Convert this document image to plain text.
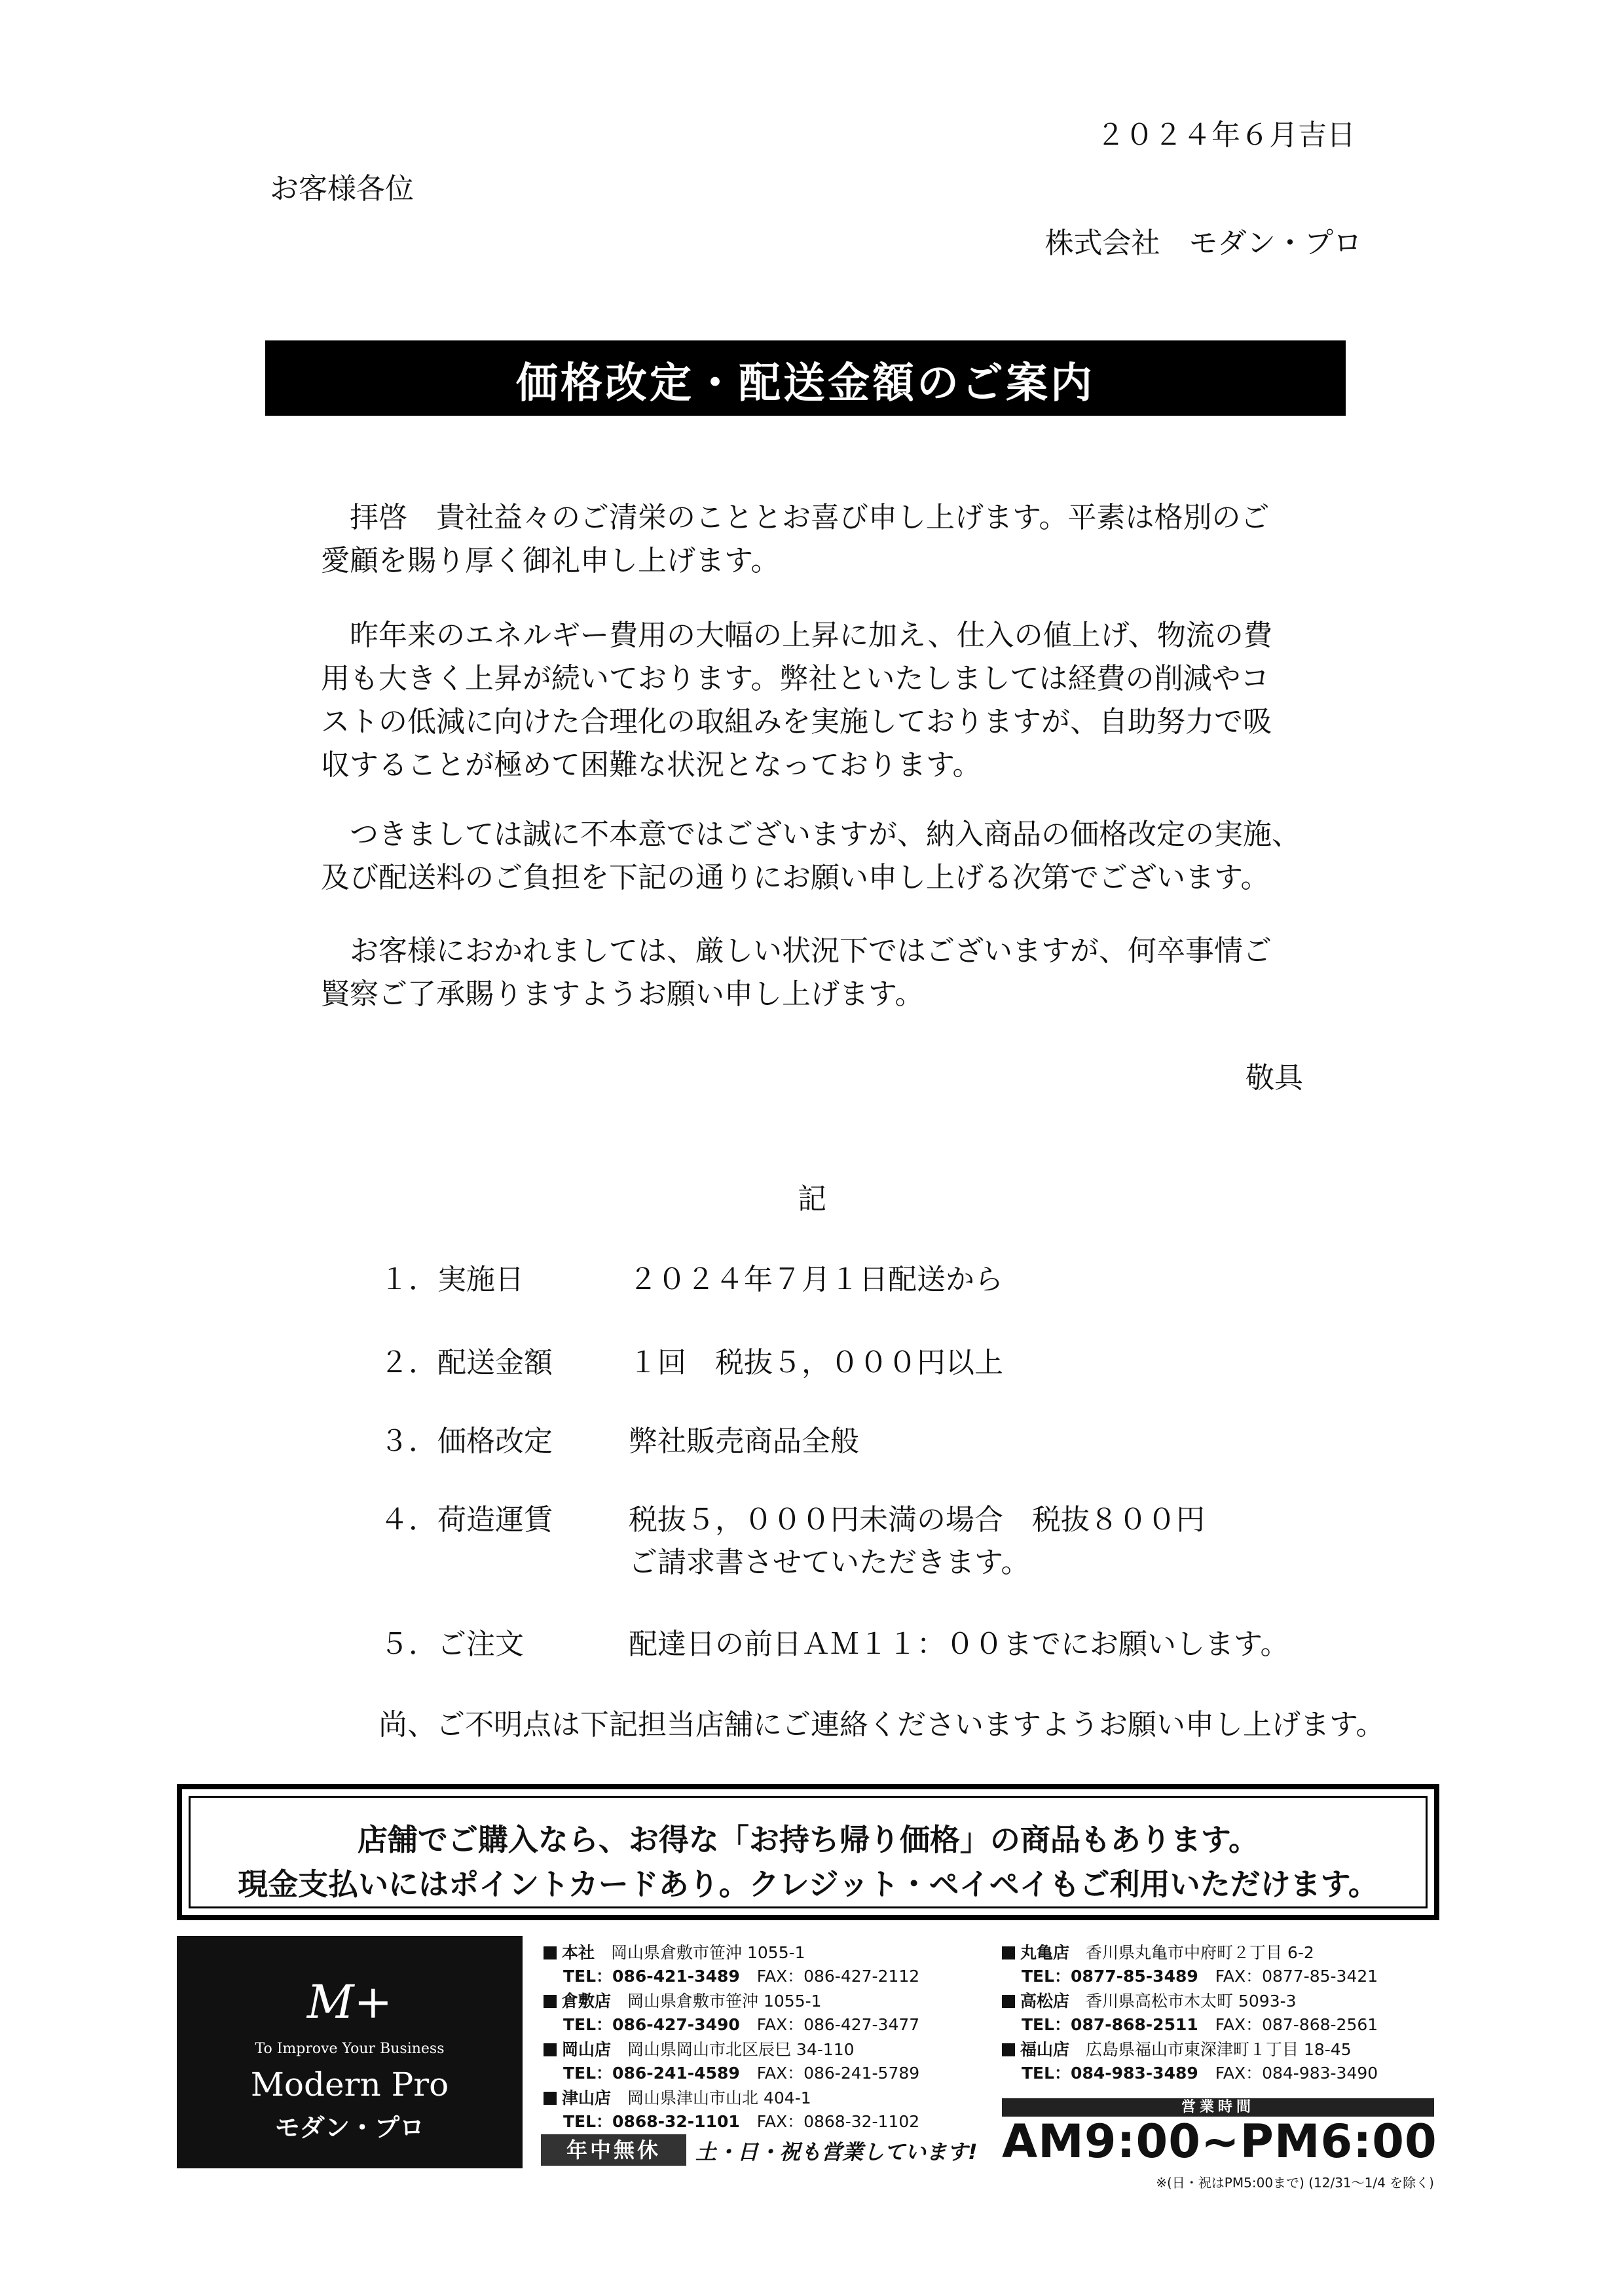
２０２４年６月吉日
お客様各位
株式会社　モダン・プロ
価格改定・配送金額のご案内
拝啓　貴社益々のご清栄のこととお喜び申し上げます。平素は格別のご
愛顧を賜り厚く御礼申し上げます。
昨年来のエネルギー費用の大幅の上昇に加え、仕入の値上げ、物流の費
用も大きく上昇が続いております。弊社といたしましては経費の削減やコ
ストの低減に向けた合理化の取組みを実施しておりますが、自助努力で吸
収することが極めて困難な状況となっております。
つきましては誠に不本意ではございますが、納入商品の価格改定の実施、
及び配送料のご負担を下記の通りにお願い申し上げる次第でございます。
お客様におかれましては、厳しい状況下ではございますが、何卒事情ご
賢察ご了承賜りますようお願い申し上げます。
敬具
記
１．実施日	２０２４年７月１日配送から
２．配送金額	１回　税抜５，０００円以上
３．価格改定	弊社販売商品全般
４．荷造運賃	税抜５，０００円未満の場合　税抜８００円
ご請求書させていただきます。
５．ご注文	配達日の前日ＡＭ１１：００までにお願いします。
尚、ご不明点は下記担当店舗にご連絡くださいますようお願い申し上げます。
店舗でご購入なら、お得な「お持ち帰り価格」の商品もあります。
現金支払いにはポイントカードあり。クレジット・ペイペイもご利用いただけます。
M+
To Improve Your Business
Modern Pro
モダン・プロ
本社　 岡山県倉敷市笹沖 1055-1
TEL：086-421-3489 FAX：086-427-2112
倉敷店　 岡山県倉敷市笹沖 1055-1
TEL：086-427-3490 FAX：086-427-3477
岡山店　 岡山県岡山市北区辰巳 34-110
TEL：086-241-4589 FAX：086-241-5789
津山店　 岡山県津山市山北 404-1
TEL：0868-32-1101 FAX：0868-32-1102
丸亀店　 香川県丸亀市中府町２丁目 6-2
TEL：0877-85-3489 FAX：0877-85-3421
高松店　 香川県高松市木太町 5093-3
TEL：087-868-2511 FAX：087-868-2561
福山店　 広島県福山市東深津町１丁目 18-45
TEL：084-983-3489 FAX：084-983-3490
年中無休	土・日・祝も営業しています!
営業時間
AM9:00~PM6:00
※(日・祝はPM5:00まで) (12/31〜1/4 を除く)
